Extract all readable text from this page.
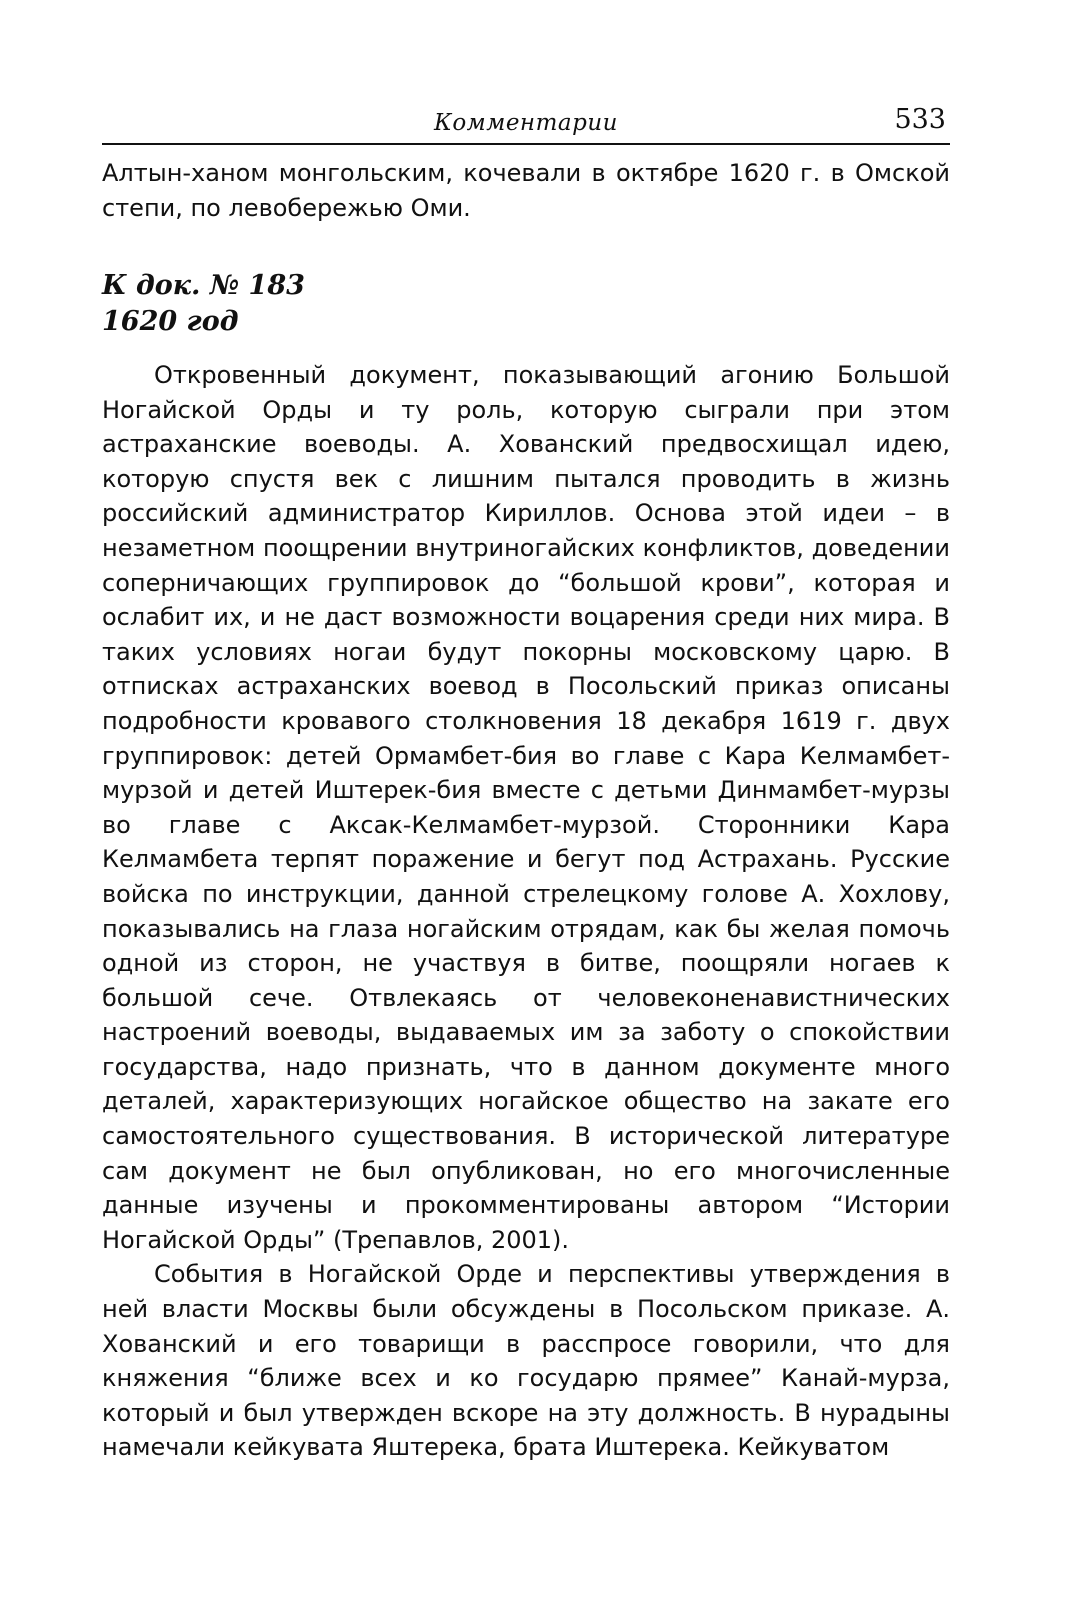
Комментарии	533

Алтын-ханом монгольским, кочевали в октябре 1620 г. в Омской степи, по левобережью Оми.

К док. № 183
1620 год

Откровенный документ, показывающий агонию Большой Ногайской Орды и ту роль, которую сыграли при этом астраханские воеводы. А. Хованский предвосхищал идею, которую спустя век с лишним пытался проводить в жизнь российский администратор Кириллов. Основа этой идеи – в незаметном поощрении внутриногайских конфликтов, доведении соперничающих группировок до “большой крови”, которая и ослабит их, и не даст возможности воцарения среди них мира. В таких условиях ногаи будут покорны московскому царю. В отписках астраханских воевод в Посольский приказ описаны подробности кровавого столкновения 18 декабря 1619 г. двух группировок: детей Ормамбет-бия во главе с Кара Келмамбет-мурзой и детей Иштерек-бия вместе с детьми Динмамбет-мурзы во главе с Аксак-Келмамбет-мурзой. Сторонники Кара Келмамбета терпят поражение и бегут под Астрахань. Русские войска по инструкции, данной стрелецкому голове А. Хохлову, показывались на глаза ногайским отрядам, как бы желая помочь одной из сторон, не участвуя в битве, поощряли ногаев к большой сече. Отвлекаясь от человеконенавистнических настроений воеводы, выдаваемых им за заботу о спокойствии государства, надо признать, что в данном документе много деталей, характеризующих ногайское общество на закате его самостоятельного существования. В исторической литературе сам документ не был опубликован, но его многочисленные данные изучены и прокомментированы автором “Истории Ногайской Орды” (Трепавлов, 2001).

События в Ногайской Орде и перспективы утверждения в ней власти Москвы были обсуждены в Посольском приказе. А. Хованский и его товарищи в расспросе говорили, что для княжения “ближе всех и ко государю прямее” Канай-мурза, который и был утвержден вскоре на эту должность. В нурадыны намечали кейкувата Яштерека, брата Иштерека. Кейкуватом
